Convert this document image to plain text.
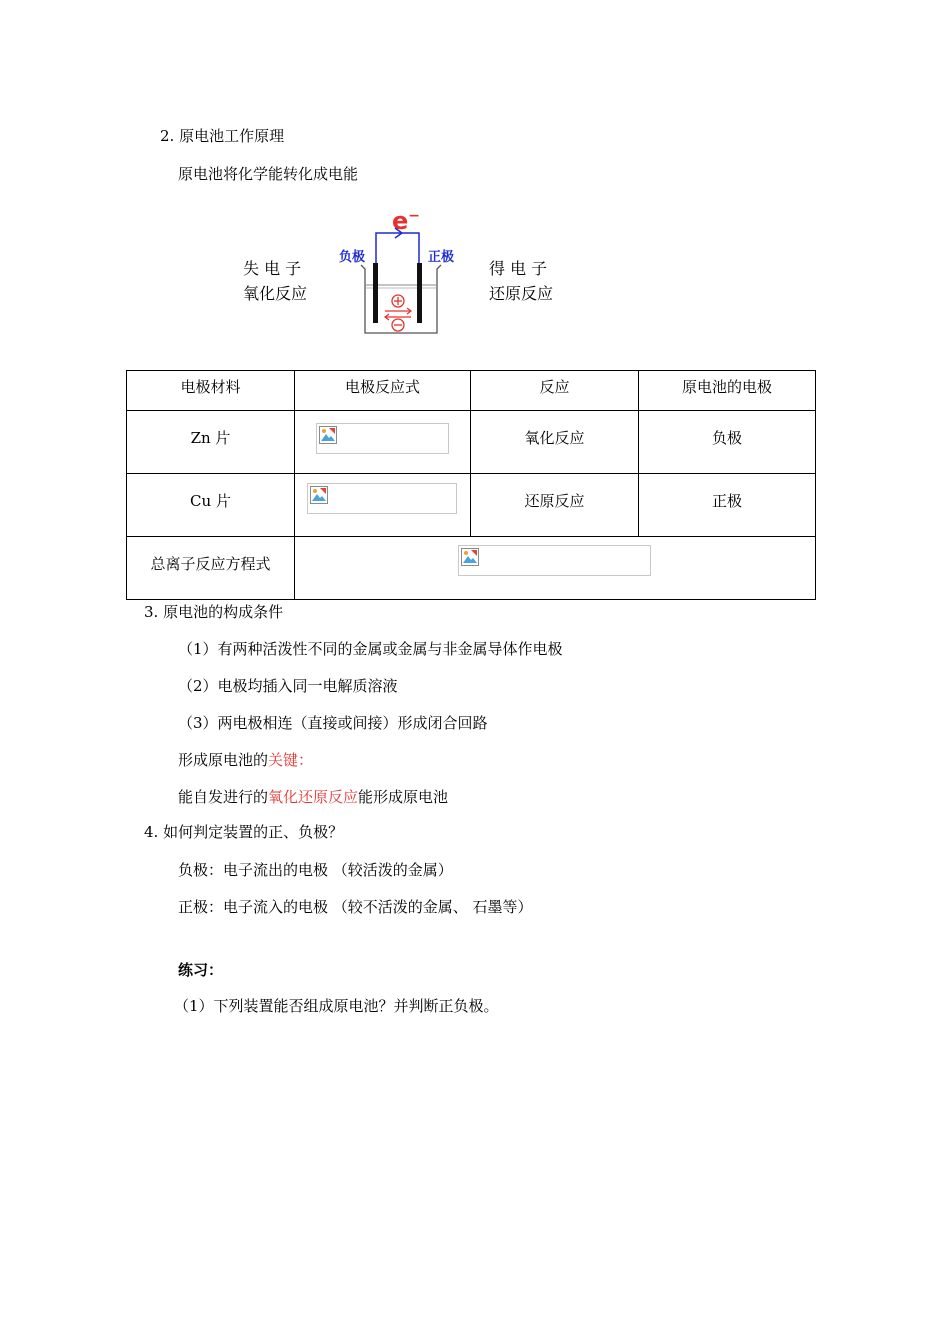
2. 原电池工作原理
原电池将化学能转化成电能
失 电 子
氧化反应
得 电 子
还原反应
负极	正极
e−
电极材料	电极反应式	反应	原电池的电极
Zn 片		氧化反应	负极
Cu 片		还原反应	正极
总离子反应方程式	
3. 原电池的构成条件
（1）有两种活泼性不同的金属或金属与非金属导体作电极
（2）电极均插入同一电解质溶液
（3）两电极相连（直接或间接）形成闭合回路
形成原电池的关键：
能自发进行的氧化还原反应能形成原电池
4. 如何判定装置的正、负极？
负极：电子流出的电极 （较活泼的金属）
正极：电子流入的电极 （较不活泼的金属、 石墨等）
练习：
（1）下列装置能否组成原电池？并判断正负极。
